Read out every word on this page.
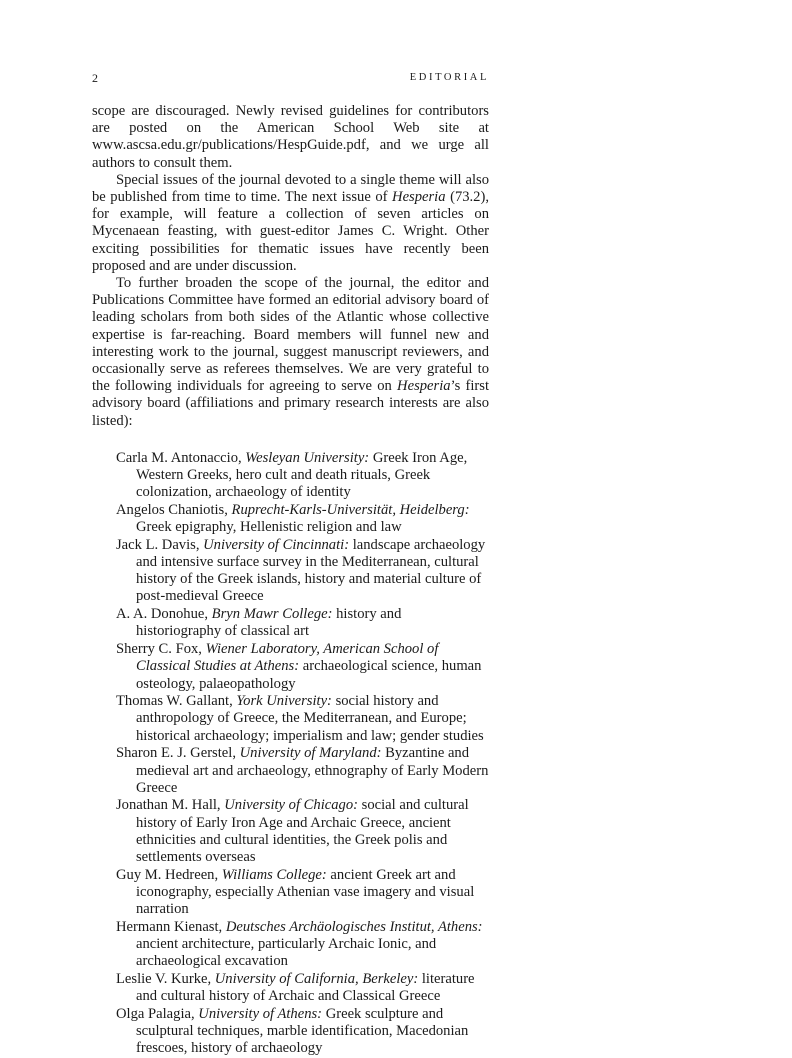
2	EDITORIAL

scope are discouraged. Newly revised guidelines for contributors are posted on the American School Web site at www.ascsa.edu.gr/publications/HespGuide.pdf, and we urge all authors to consult them.

Special issues of the journal devoted to a single theme will also be published from time to time. The next issue of Hesperia (73.2), for example, will feature a collection of seven articles on Mycenaean feasting, with guest-editor James C. Wright. Other exciting possibilities for thematic issues have recently been proposed and are under discussion.

To further broaden the scope of the journal, the editor and Publications Committee have formed an editorial advisory board of leading scholars from both sides of the Atlantic whose collective expertise is far-reaching. Board members will funnel new and interesting work to the journal, suggest manuscript reviewers, and occasionally serve as referees themselves. We are very grateful to the following individuals for agreeing to serve on Hesperia’s first advisory board (affiliations and primary research interests are also listed):

Carla M. Antonaccio, Wesleyan University: Greek Iron Age, Western Greeks, hero cult and death rituals, Greek colonization, archaeology of identity
Angelos Chaniotis, Ruprecht-Karls-Universität, Heidelberg: Greek epigraphy, Hellenistic religion and law
Jack L. Davis, University of Cincinnati: landscape archaeology and intensive surface survey in the Mediterranean, cultural history of the Greek islands, history and material culture of post-medieval Greece
A. A. Donohue, Bryn Mawr College: history and historiography of classical art
Sherry C. Fox, Wiener Laboratory, American School of Classical Studies at Athens: archaeological science, human osteology, palaeopathology
Thomas W. Gallant, York University: social history and anthropology of Greece, the Mediterranean, and Europe; historical archaeology; imperialism and law; gender studies
Sharon E. J. Gerstel, University of Maryland: Byzantine and medieval art and archaeology, ethnography of Early Modern Greece
Jonathan M. Hall, University of Chicago: social and cultural history of Early Iron Age and Archaic Greece, ancient ethnicities and cultural identities, the Greek polis and settlements overseas
Guy M. Hedreen, Williams College: ancient Greek art and iconography, especially Athenian vase imagery and visual narration
Hermann Kienast, Deutsches Archäologisches Institut, Athens: ancient architecture, particularly Archaic Ionic, and archaeological excavation
Leslie V. Kurke, University of California, Berkeley: literature and cultural history of Archaic and Classical Greece
Olga Palagia, University of Athens: Greek sculpture and sculptural techniques, marble identification, Macedonian frescoes, history of archaeology
